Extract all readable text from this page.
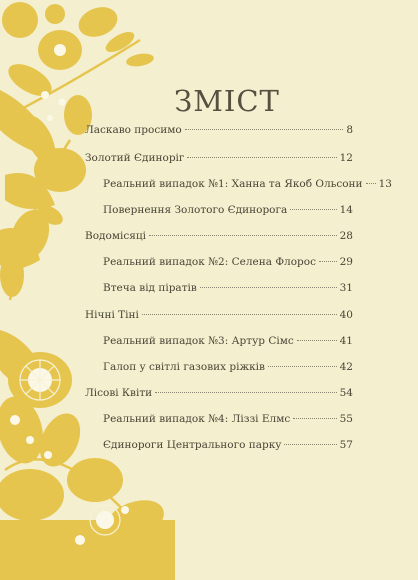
ЗМІСТ
Ласкаво просимо	8
Золотий Єдиноріг	12
Реальний випадок №1: Ханна та Якоб Ольсони 13
Повернення Золотого Єдинорога	14
Водомісяці	28
Реальний випадок №2: Селена Флорос 29
Втеча від піратів	31
Нічні Тіні	40
Реальний випадок №3: Артур Сімс	41
Галоп у світлі газових ріжків	42
Лісові Квіти	54
Реальний випадок №4: Ліззі Елмс	55
Єдинороги Центрального парку	57
